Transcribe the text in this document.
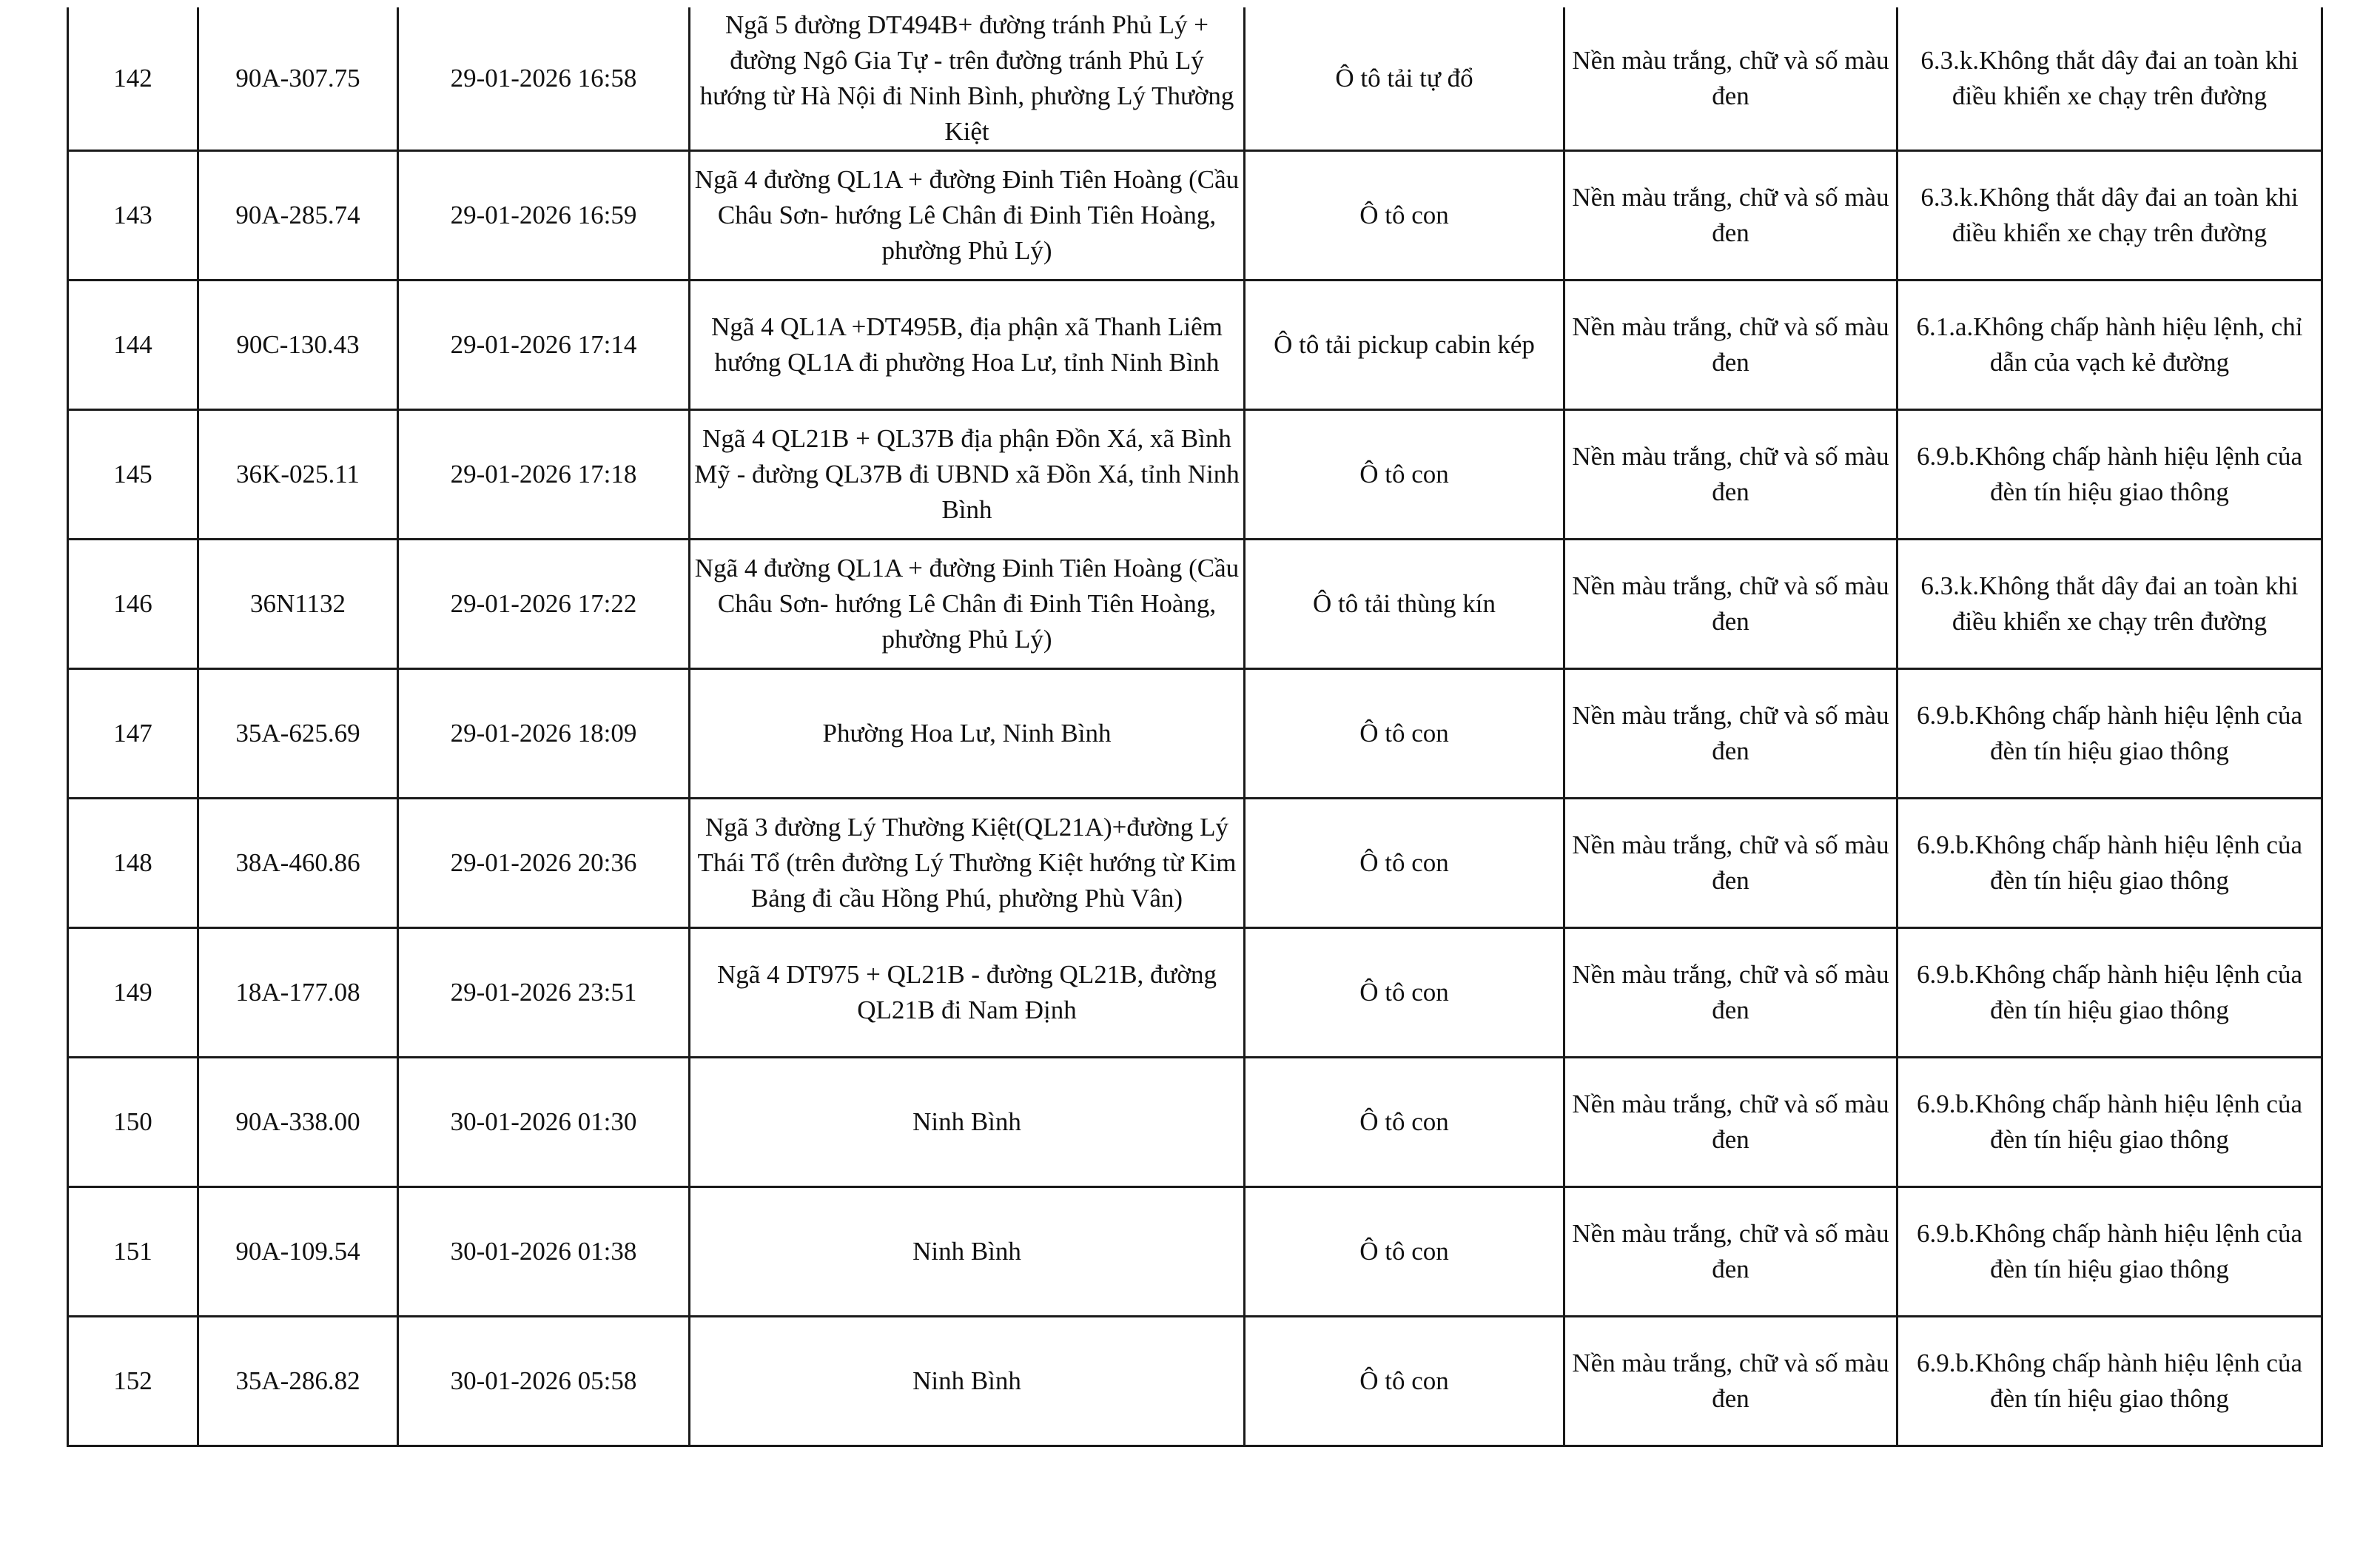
142	90A-307.75	29-01-2026 16:58	Ngã 5 đường DT494B+ đường tránh Phủ Lý + đường Ngô Gia Tự - trên đường tránh Phủ Lý hướng từ Hà Nội đi Ninh Bình, phường Lý Thường Kiệt	Ô tô tải tự đổ	Nền màu trắng, chữ và số màu đen	6.3.k.Không thắt dây đai an toàn khi điều khiển xe chạy trên đường
143	90A-285.74	29-01-2026 16:59	Ngã 4 đường QL1A + đường Đinh Tiên Hoàng (Cầu Châu Sơn- hướng Lê Chân đi Đinh Tiên Hoàng, phường Phủ Lý)	Ô tô con	Nền màu trắng, chữ và số màu đen	6.3.k.Không thắt dây đai an toàn khi điều khiển xe chạy trên đường
144	90C-130.43	29-01-2026 17:14	Ngã 4 QL1A +DT495B, địa phận xã Thanh Liêm hướng QL1A đi phường Hoa Lư, tỉnh Ninh Bình	Ô tô tải pickup cabin kép	Nền màu trắng, chữ và số màu đen	6.1.a.Không chấp hành hiệu lệnh, chỉ dẫn của vạch kẻ đường
145	36K-025.11	29-01-2026 17:18	Ngã 4 QL21B + QL37B địa phận Đồn Xá, xã Bình Mỹ - đường QL37B đi UBND xã Đồn Xá, tỉnh Ninh Bình	Ô tô con	Nền màu trắng, chữ và số màu đen	6.9.b.Không chấp hành hiệu lệnh của đèn tín hiệu giao thông
146	36N1132	29-01-2026 17:22	Ngã 4 đường QL1A + đường Đinh Tiên Hoàng (Cầu Châu Sơn- hướng Lê Chân đi Đinh Tiên Hoàng, phường Phủ Lý)	Ô tô tải thùng kín	Nền màu trắng, chữ và số màu đen	6.3.k.Không thắt dây đai an toàn khi điều khiển xe chạy trên đường
147	35A-625.69	29-01-2026 18:09	Phường Hoa Lư, Ninh Bình	Ô tô con	Nền màu trắng, chữ và số màu đen	6.9.b.Không chấp hành hiệu lệnh của đèn tín hiệu giao thông
148	38A-460.86	29-01-2026 20:36	Ngã 3 đường Lý Thường Kiệt(QL21A)+đường Lý Thái Tổ (trên đường Lý Thường Kiệt hướng từ Kim Bảng đi cầu Hồng Phú, phường Phù Vân)	Ô tô con	Nền màu trắng, chữ và số màu đen	6.9.b.Không chấp hành hiệu lệnh của đèn tín hiệu giao thông
149	18A-177.08	29-01-2026 23:51	Ngã 4 DT975 + QL21B - đường QL21B, đường QL21B đi Nam Định	Ô tô con	Nền màu trắng, chữ và số màu đen	6.9.b.Không chấp hành hiệu lệnh của đèn tín hiệu giao thông
150	90A-338.00	30-01-2026 01:30	Ninh Bình	Ô tô con	Nền màu trắng, chữ và số màu đen	6.9.b.Không chấp hành hiệu lệnh của đèn tín hiệu giao thông
151	90A-109.54	30-01-2026 01:38	Ninh Bình	Ô tô con	Nền màu trắng, chữ và số màu đen	6.9.b.Không chấp hành hiệu lệnh của đèn tín hiệu giao thông
152	35A-286.82	30-01-2026 05:58	Ninh Bình	Ô tô con	Nền màu trắng, chữ và số màu đen	6.9.b.Không chấp hành hiệu lệnh của đèn tín hiệu giao thông
